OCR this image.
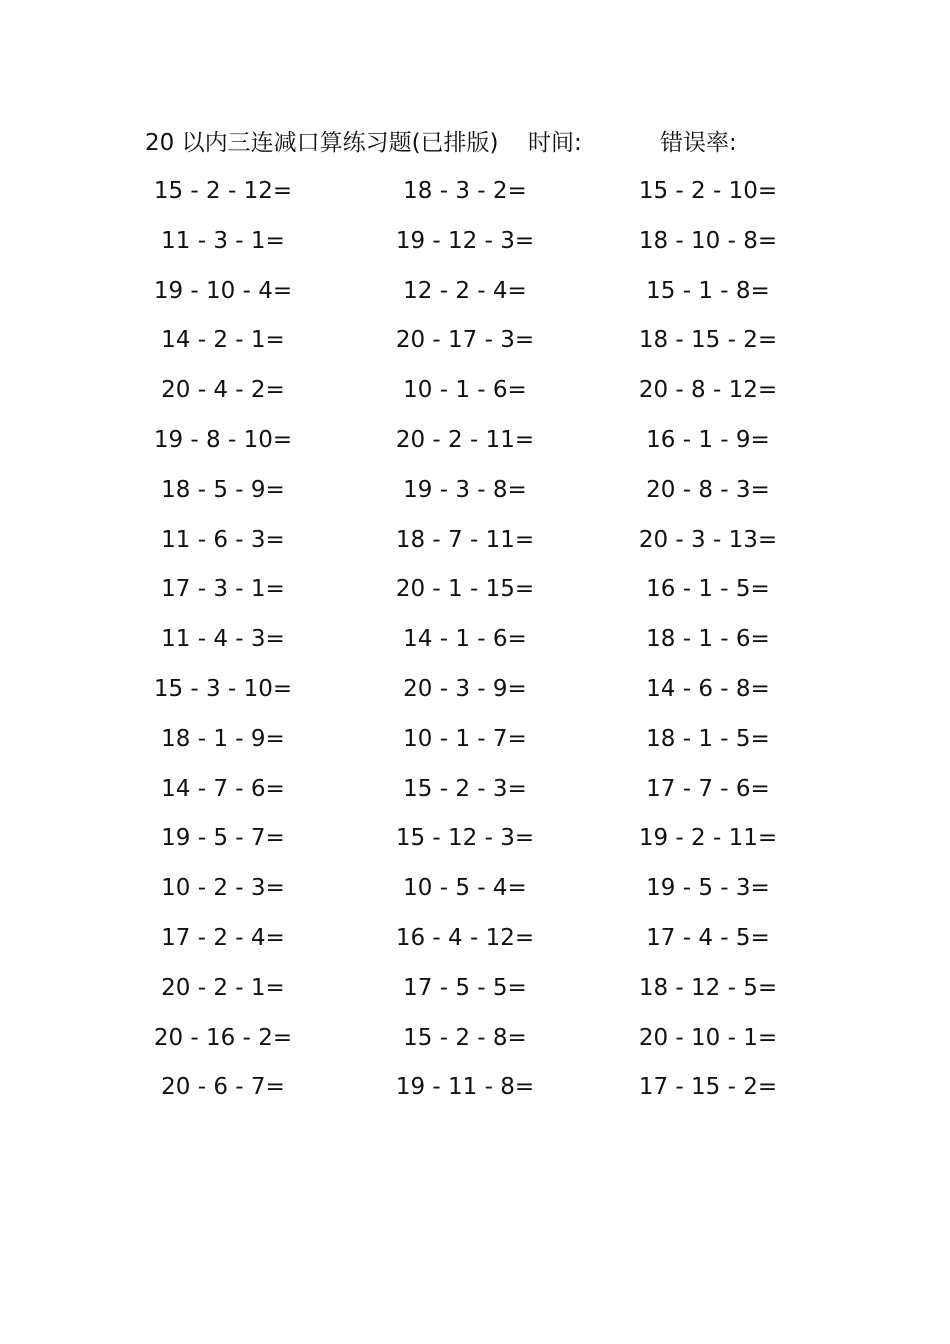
20 以内三连减口算练习题(已排版) 时间:	错误率:
15 - 2 - 12=	18 - 3 - 2=	15 - 2 - 10=
11 - 3 - 1=	19 - 12 - 3=	18 - 10 - 8=
19 - 10 - 4=	12 - 2 - 4=	15 - 1 - 8=
14 - 2 - 1=	20 - 17 - 3=	18 - 15 - 2=
20 - 4 - 2=	10 - 1 - 6=	20 - 8 - 12=
19 - 8 - 10=	20 - 2 - 11=	16 - 1 - 9=
18 - 5 - 9=	19 - 3 - 8=	20 - 8 - 3=
11 - 6 - 3=	18 - 7 - 11=	20 - 3 - 13=
17 - 3 - 1=	20 - 1 - 15=	16 - 1 - 5=
11 - 4 - 3=	14 - 1 - 6=	18 - 1 - 6=
15 - 3 - 10=	20 - 3 - 9=	14 - 6 - 8=
18 - 1 - 9=	10 - 1 - 7=	18 - 1 - 5=
14 - 7 - 6=	15 - 2 - 3=	17 - 7 - 6=
19 - 5 - 7=	15 - 12 - 3=	19 - 2 - 11=
10 - 2 - 3=	10 - 5 - 4=	19 - 5 - 3=
17 - 2 - 4=	16 - 4 - 12=	17 - 4 - 5=
20 - 2 - 1=	17 - 5 - 5=	18 - 12 - 5=
20 - 16 - 2=	15 - 2 - 8=	20 - 10 - 1=
20 - 6 - 7=	19 - 11 - 8=	17 - 15 - 2=
